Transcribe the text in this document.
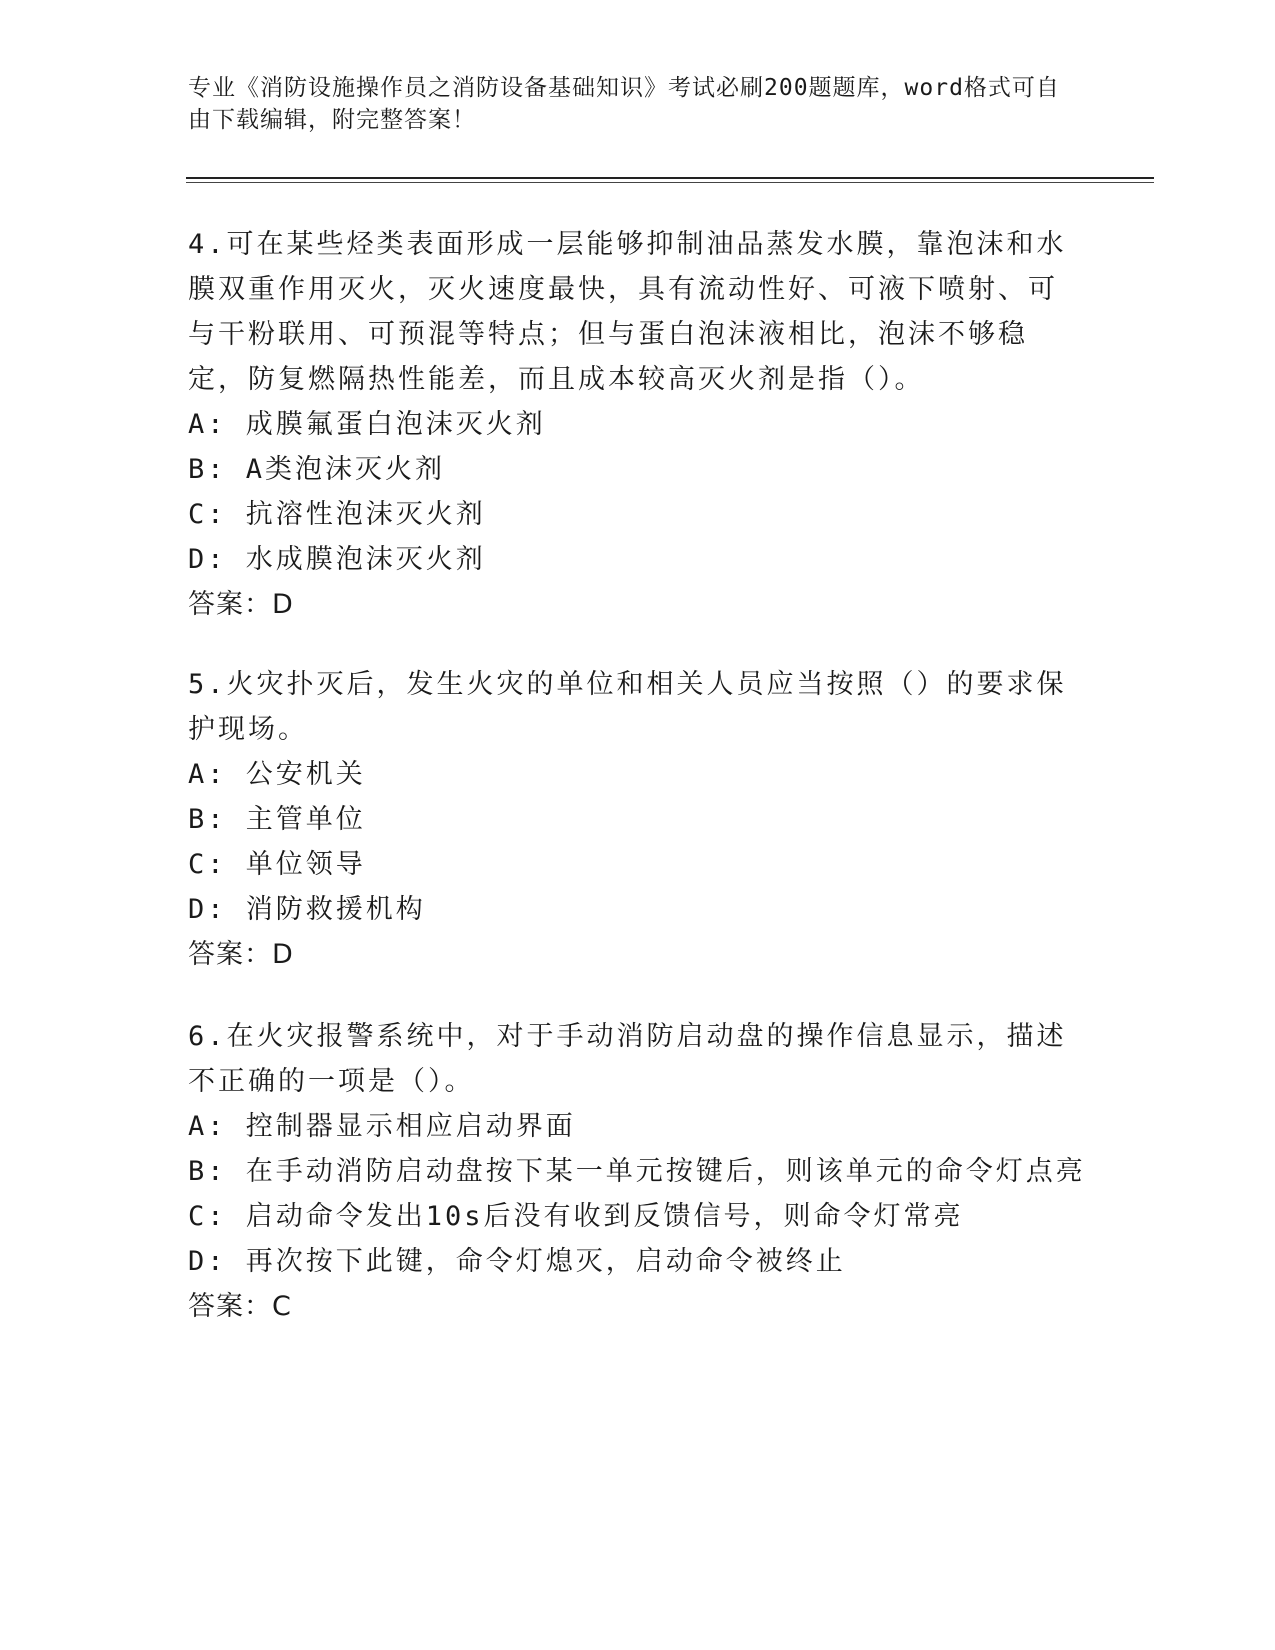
专业《消防设施操作员之消防设备基础知识》考试必刷200题题库，word格式可自由下载编辑，附完整答案！

4.可在某些烃类表面形成一层能够抑制油品蒸发水膜，靠泡沫和水膜双重作用灭火，灭火速度最快，具有流动性好、可液下喷射、可与干粉联用、可预混等特点；但与蛋白泡沫液相比，泡沫不够稳定，防复燃隔热性能差，而且成本较高灭火剂是指（）。

A: 成膜氟蛋白泡沫灭火剂

B: A类泡沫灭火剂

C: 抗溶性泡沫灭火剂

D: 水成膜泡沫灭火剂

答案：D

5.火灾扑灭后，发生火灾的单位和相关人员应当按照（）的要求保护现场。

A: 公安机关

B: 主管单位

C: 单位领导

D: 消防救援机构

答案：D

6.在火灾报警系统中，对于手动消防启动盘的操作信息显示，描述不正确的一项是（）。

A: 控制器显示相应启动界面

B: 在手动消防启动盘按下某一单元按键后，则该单元的命令灯点亮

C: 启动命令发出10s后没有收到反馈信号，则命令灯常亮

D: 再次按下此键，命令灯熄灭，启动命令被终止

答案：C
